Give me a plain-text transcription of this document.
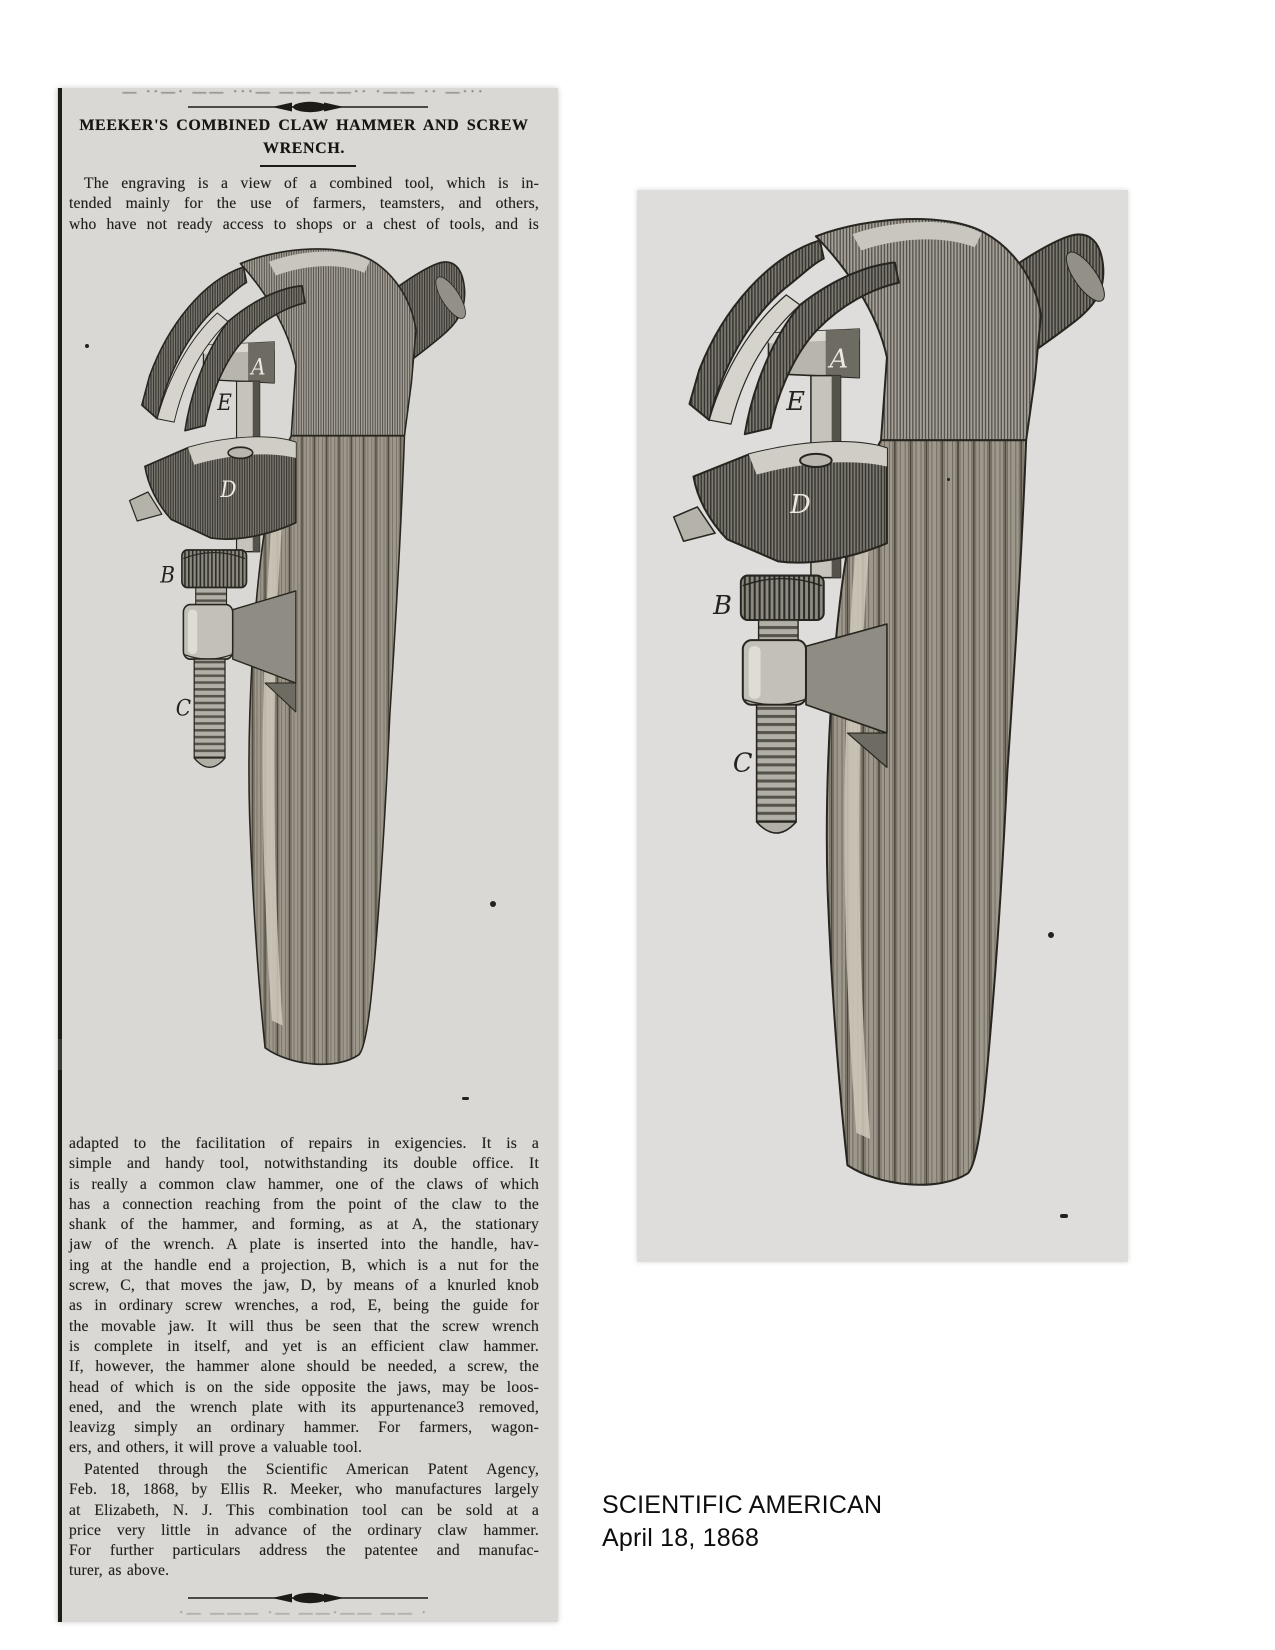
— ··—· —— ···— —— ——·· ·—— ·· —···
MEEKER'S COMBINED CLAW HAMMER AND SCREW
WRENCH.
The engraving is a view of a combined tool, which is in-
tended mainly for the use of farmers, teamsters, and others,
who have not ready access to shops or a chest of tools, and is
adapted to the facilitation of repairs in exigencies. It is a
simple and handy tool, notwithstanding its double office. It
is really a common claw hammer, one of the claws of which
has a connection reaching from the point of the claw to the
shank of the hammer, and forming, as at A, the stationary
jaw of the wrench. A plate is inserted into the handle, hav-
ing at the handle end a projection, B, which is a nut for the
screw, C, that moves the jaw, D, by means of a knurled knob
as in ordinary screw wrenches, a rod, E, being the guide for
the movable jaw. It will thus be seen that the screw wrench
is complete in itself, and yet is an efficient claw hammer.
If, however, the hammer alone should be needed, a screw, the
head of which is on the side opposite the jaws, may be loos-
ened, and the wrench plate with its appurtenance3 removed,
leavizg simply an ordinary hammer. For farmers, wagon-
ers, and others, it will prove a valuable tool.
Patented through the Scientific American Patent Agency,
Feb. 18, 1868, by Ellis R. Meeker, who manufactures largely
at Elizabeth, N. J. This combination tool can be sold at a
price very little in advance of the ordinary claw hammer.
For further particulars address the patentee and manufac-
turer, as above.
·— ——— ·— ——·—— —— ·
SCIENTIFIC AMERICAN
April 18, 1868
